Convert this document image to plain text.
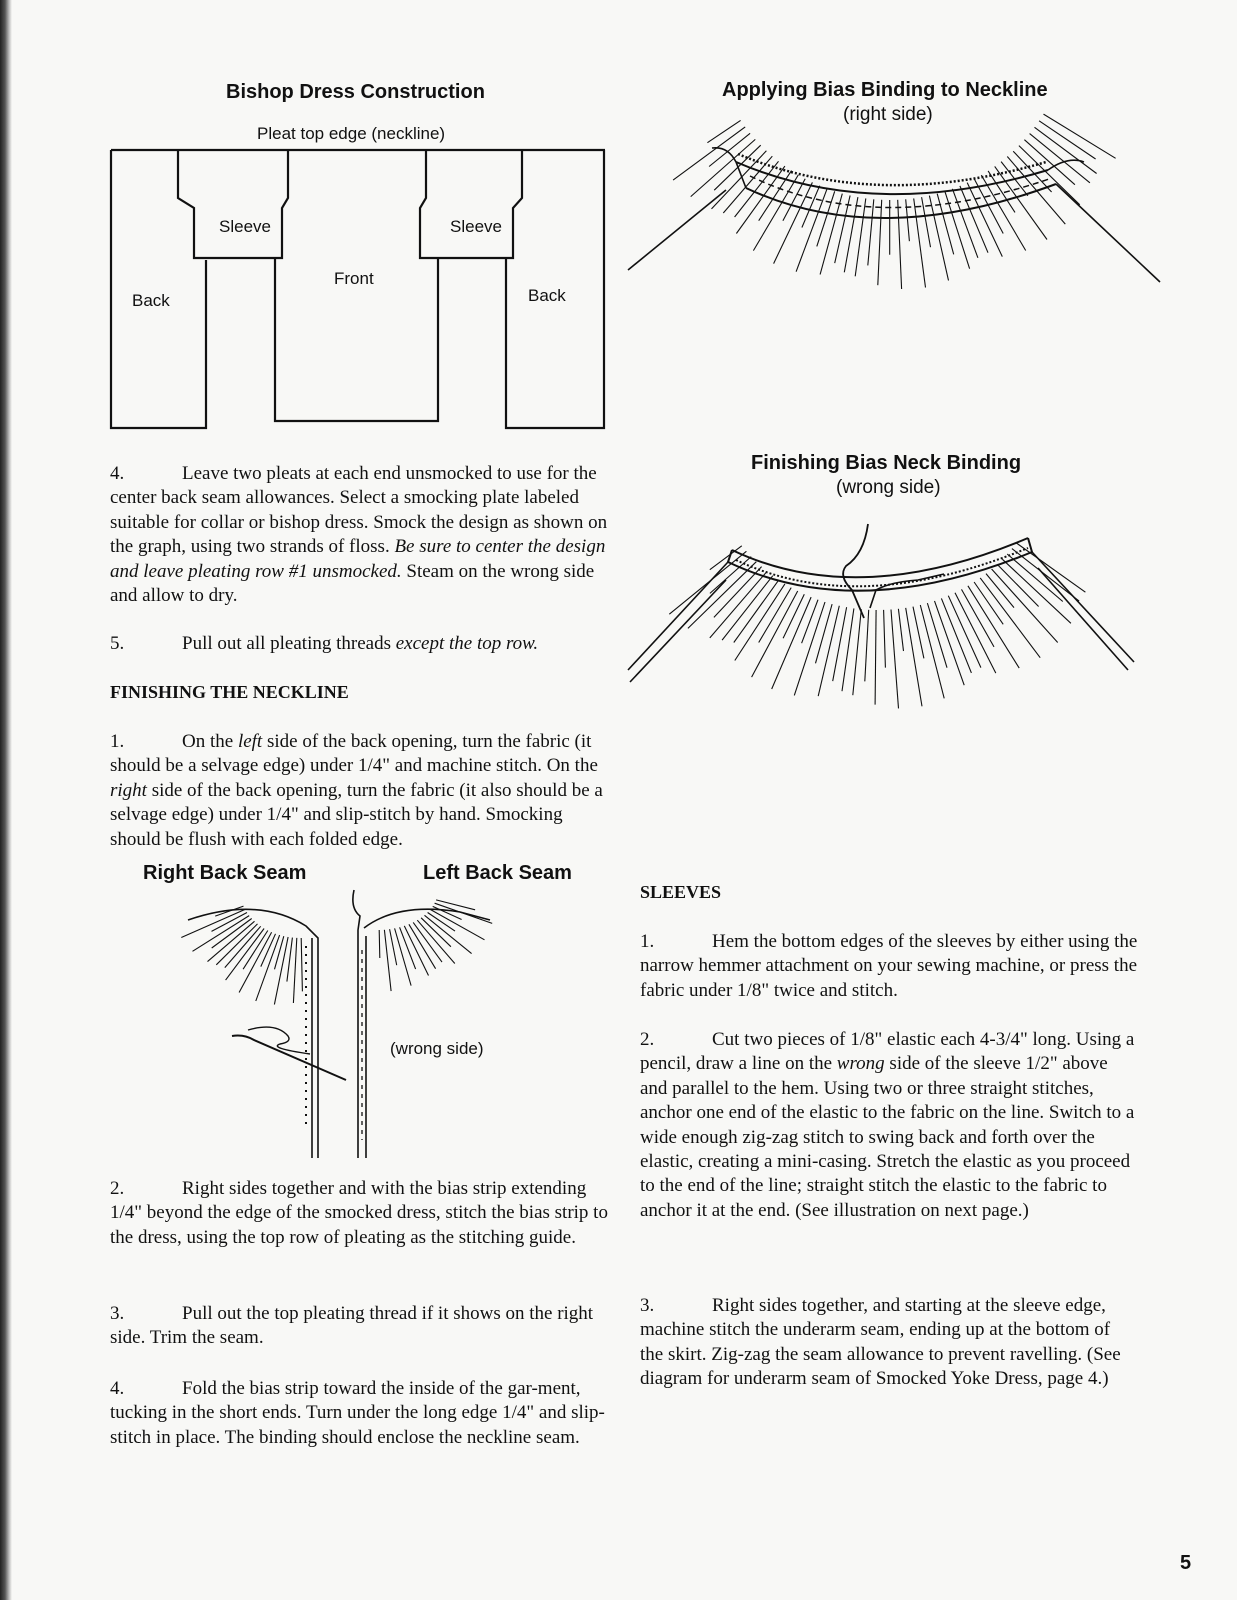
Bishop Dress Construction
Pleat top edge (neckline)
Back
Sleeve
Front
Sleeve
Back
Applying Bias Binding to Neckline
(right side)
Finishing Bias Neck Binding
(wrong side)
4.	Leave two pleats at each end unsmocked to use for the center back seam allowances. Select a smocking plate labeled suitable for collar or bishop dress. Smock the design as shown on the graph, using two strands of floss. Be sure to center the design and leave pleating row #1 unsmocked. Steam on the wrong side and allow to dry.
5.	Pull out all pleating threads except the top row.
FINISHING THE NECKLINE
1.	On the left side of the back opening, turn the fabric (it should be a selvage edge) under 1/4" and machine stitch. On the right side of the back opening, turn the fabric (it also should be a selvage edge) under 1/4" and slip-stitch by hand. Smocking should be flush with each folded edge.
Right Back Seam	Left Back Seam
(wrong side)
2.	Right sides together and with the bias strip extending 1/4" beyond the edge of the smocked dress, stitch the bias strip to the dress, using the top row of pleating as the stitching guide.
3.	Pull out the top pleating thread if it shows on the right side. Trim the seam.
4.	Fold the bias strip toward the inside of the gar-ment, tucking in the short ends. Turn under the long edge 1/4" and slip-stitch in place. The binding should enclose the neckline seam.
SLEEVES
1.	Hem the bottom edges of the sleeves by either using the narrow hemmer attachment on your sewing machine, or press the fabric under 1/8" twice and stitch.
2.	Cut two pieces of 1/8" elastic each 4-3/4" long. Using a pencil, draw a line on the wrong side of the sleeve 1/2" above and parallel to the hem. Using two or three straight stitches, anchor one end of the elastic to the fabric on the line. Switch to a wide enough zig-zag stitch to swing back and forth over the elastic, creating a mini-casing. Stretch the elastic as you proceed to the end of the line; straight stitch the elastic to the fabric to anchor it at the end. (See illustration on next page.)
3.	Right sides together, and starting at the sleeve edge, machine stitch the underarm seam, ending up at the bottom of the skirt. Zig-zag the seam allowance to prevent ravelling. (See diagram for underarm seam of Smocked Yoke Dress, page 4.)
5
